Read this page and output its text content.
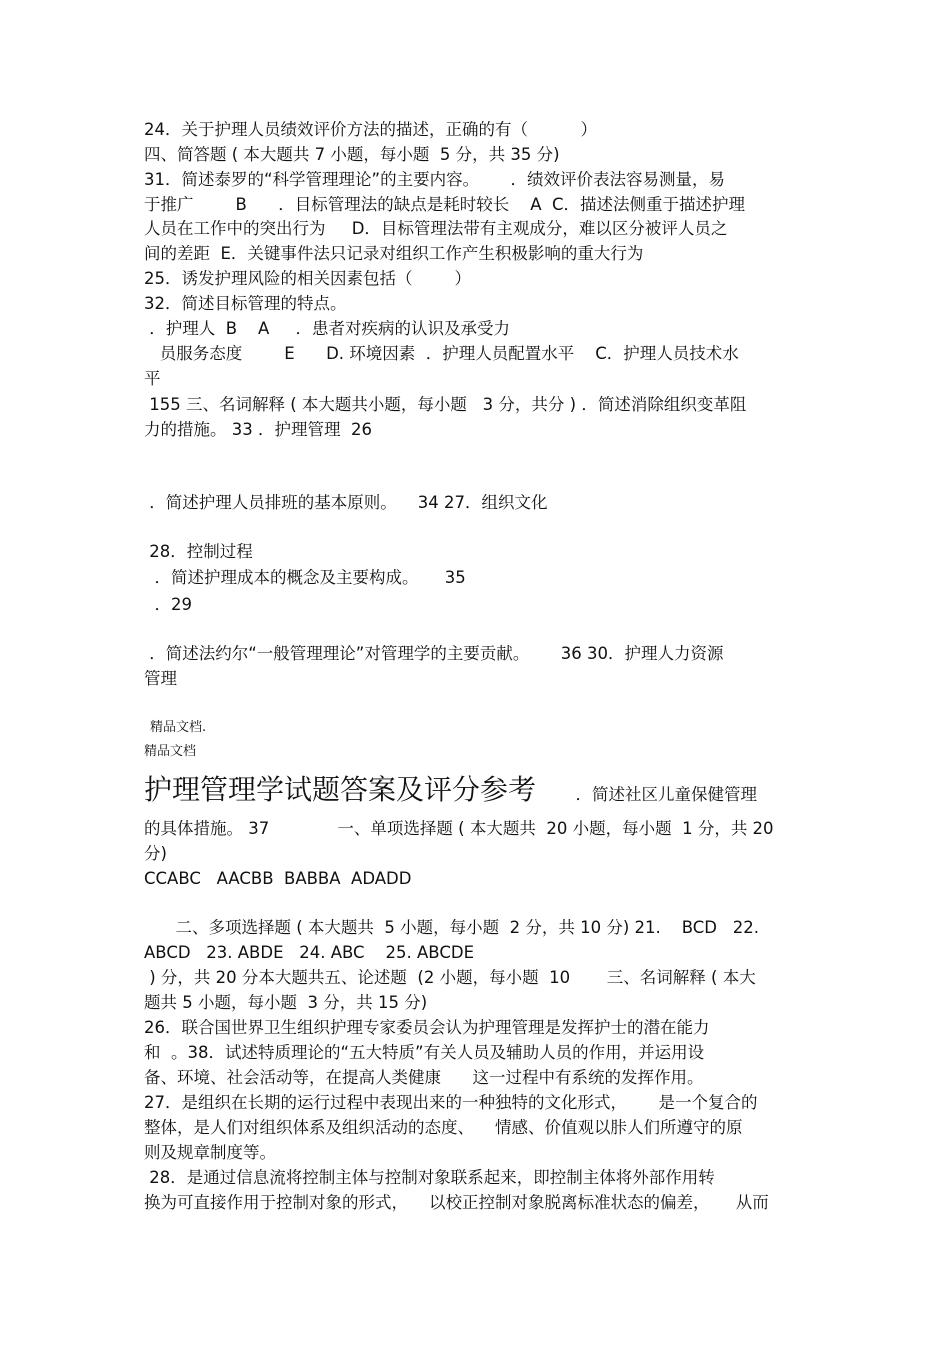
24．关于护理人员绩效评价方法的描述，正确的有（          ）

四、简答题 ( 本大题共 7 小题，每小题  5 分，共 35 分)

31．简述泰罗的“科学管理理论”的主要内容。      ．绩效评价表法容易测量，易

于推广        B      ．目标管理法的缺点是耗时较长    A  C．描述法侧重于描述护理

人员在工作中的突出行为     D．目标管理法带有主观成分，难以区分被评人员之

间的差距  E．关键事件法只记录对组织工作产生积极影响的重大行为

25．诱发护理风险的相关因素包括（        ）

32．简述目标管理的特点。

．护理人  B    A     ．患者对疾病的认识及承受力

员服务态度        E      D. 环境因素  ．护理人员配置水平    C．护理人员技术水

平

155 三、名词解释 ( 本大题共小题，每小题   3 分，共分 ) ．简述消除组织变革阻

力的措施。 33 ．护理管理  26

．简述护理人员排班的基本原则。    34 27．组织文化

28．控制过程

．简述护理成本的概念及主要构成。     35

．29

．简述法约尔“一般管理理论”对管理学的主要贡献。      36 30．护理人力资源

管理

精品文档.

精品文档

护理管理学试题答案及评分参考 ．简述社区儿童保健管理

的具体措施。 37             一、单项选择题 ( 本大题共  20 小题，每小题  1 分，共 20

分)

CCABC   AACBB  BABBA  ADADD

二、多项选择题 ( 本大题共  5 小题，每小题  2 分，共 10 分) 21.    BCD   22.

ABCD   23. ABDE   24. ABC    25. ABCDE

) 分，共 20 分本大题共五、论述题  (2 小题，每小题  10       三、名词解释 ( 本大

题共 5 小题，每小题  3 分，共 15 分)

26．联合国世界卫生组织护理专家委员会认为护理管理是发挥护士的潜在能力

和  。38．试述特质理论的“五大特质”有关人员及辅助人员的作用，并运用设

备、环境、社会活动等，在提高人类健康      这一过程中有系统的发挥作用。

27．是组织在长期的运行过程中表现出来的一种独特的文化形式，      是一个复合的

整体，是人们对组织体系及组织活动的态度、    情感、价值观以胩人们所遵守的原

则及规章制度等。

28．是通过信息流将控制主体与控制对象联系起来，即控制主体将外部作用转

换为可直接作用于控制对象的形式，    以校正控制对象脱离标准状态的偏差，     从而
